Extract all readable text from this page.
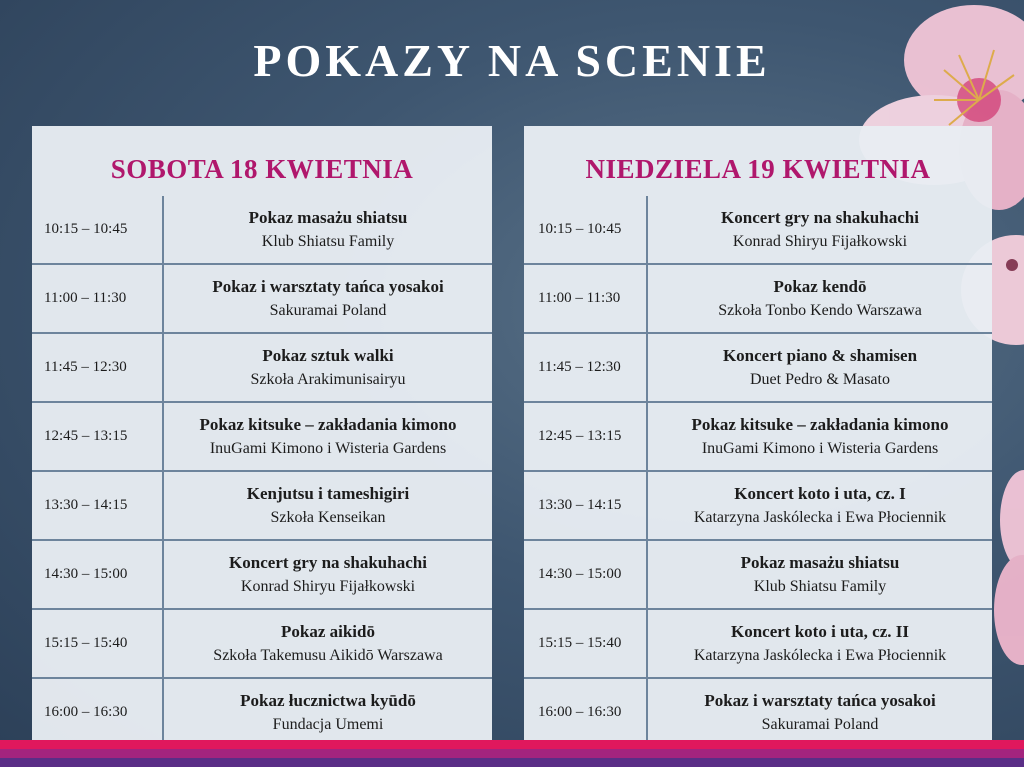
POKAZY NA SCENIE
SOBOTA 18 KWIETNIA
10:15 – 10:45
Pokaz masażu shiatsu
Klub Shiatsu Family
11:00 – 11:30
Pokaz i warsztaty tańca yosakoi
Sakuramai Poland
11:45 – 12:30
Pokaz sztuk walki
Szkoła Arakimunisairyu
12:45 – 13:15
Pokaz kitsuke – zakładania kimono
InuGami Kimono i Wisteria Gardens
13:30 – 14:15
Kenjutsu i tameshigiri
Szkoła Kenseikan
14:30 – 15:00
Koncert gry na shakuhachi
Konrad Shiryu Fijałkowski
15:15 – 15:40
Pokaz aikidō
Szkoła Takemusu Aikidō Warszawa
16:00 – 16:30
Pokaz łucznictwa kyūdō
Fundacja Umemi
NIEDZIELA 19 KWIETNIA
10:15 – 10:45
Koncert gry na shakuhachi
Konrad Shiryu Fijałkowski
11:00 – 11:30
Pokaz kendō
Szkoła Tonbo Kendo Warszawa
11:45 – 12:30
Koncert piano & shamisen
Duet Pedro & Masato
12:45 – 13:15
Pokaz kitsuke – zakładania kimono
InuGami Kimono i Wisteria Gardens
13:30 – 14:15
Koncert koto i uta, cz. I
Katarzyna Jaskólecka i Ewa Płociennik
14:30 – 15:00
Pokaz masażu shiatsu
Klub Shiatsu Family
15:15 – 15:40
Koncert koto i uta, cz. II
Katarzyna Jaskólecka i Ewa Płociennik
16:00 – 16:30
Pokaz i warsztaty tańca yosakoi
Sakuramai Poland
